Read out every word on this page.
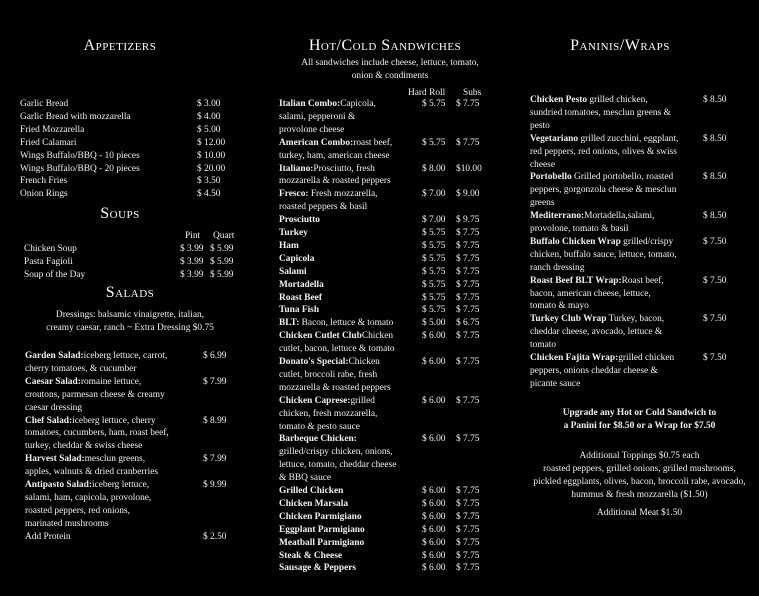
Appetizers
Garlic Bread	$ 3.00
Garlic Bread with mozzarella	$ 4.00
Fried Mozzarella	$ 5.00
Fried Calamari	$ 12.00
Wings Buffalo/BBQ - 10 pieces	$ 10.00
Wings Buffalo/BBQ - 20 pieces	$ 20.00
French Fries	$ 3.50
Onion Rings	$ 4.50
Soups
Pint Quart
Chicken Soup	$ 3.99 $ 5.99
Pasta Fagioli	$ 3.99 $ 5.99
Soup of the Day	$ 3.99 $ 5.99
Salads
Dressings: balsamic vinaigrette, italian,
creamy caesar, ranch ~ Extra Dressing $0.75
Garden Salad:iceberg lettuce, carrot,	$ 6.99
cherry tomatoes, & cucumber
Caesar Salad:romaine lettuce,	$ 7.99
croutons, parmesan cheese & creamy
caesar dressing
Chef Salad:iceberg lettuce, cherry	$ 8.99
tomatoes, cucumbers, ham, roast beef,
turkey, cheddar & swiss cheese
Harvest Salad:mesclun greens,	$ 7.99
apples, walnuts & dried cranberries
Antipasto Salad:iceberg lettuce,	$ 9.99
salami, ham, capicola, provolone,
roasted peppers, red onions,
marinated mushrooms
Add Protein	$ 2.50
Hot/Cold Sandwiches
All sandwiches include cheese, lettuce, tomato,
onion & condiments
Hard Roll Subs
Italian Combo:Capicola,	$ 5.75 $ 7.75
salami, pepperoni &
provolone cheese
American Combo:roast beef,	$ 5.75 $ 7.75
turkey, ham, american cheese
Italiano:Prosciutto, fresh	$ 8.00 $10.00
mozzarella & roasted peppers
Fresco: Fresh mozzarella,	$ 7.00 $ 9.00
roasted peppers & basil
Prosciutto	$ 7.00 $ 9.75
Turkey	$ 5.75 $ 7.75
Ham	$ 5.75 $ 7.75
Capicola	$ 5.75 $ 7.75
Salami	$ 5.75 $ 7.75
Mortadella	$ 5.75 $ 7.75
Roast Beef	$ 5.75 $ 7.75
Tuna Fish	$ 5.75 $ 7.75
BLT: Bacon, lettuce & tomato	$ 5.00 $ 6.75
Chicken Cutlet ClubChicken	$ 6.00 $ 7.75
cutlet, bacon, lettuce & tomato
Donato's Special:Chicken	$ 6.00 $ 7.75
cutlet, broccoli rabe, fresh
mozzarella & roasted peppers
Chicken Caprese:grilled	$ 6.00 $ 7.75
chicken, fresh mozzarella,
tomato & pesto sauce
Barbeque Chicken:	$ 6.00 $ 7.75
grilled/crispy chicken, onions,
lettuce, tomato, cheddar cheese
& BBQ sauce
Grilled Chicken	$ 6.00 $ 7.75
Chicken Marsala	$ 6.00 $ 7.75
Chicken Parmigiano	$ 6.00 $ 7.75
Eggplant Parmigiano	$ 6.00 $ 7.75
Meatball Parmigiano	$ 6.00 $ 7.75
Steak & Cheese	$ 6.00 $ 7.75
Sausage & Peppers	$ 6.00 $ 7.75
Paninis/Wraps
Chicken Pesto grilled chicken,	$ 8.50
sundried tomatoes, mesclun greens &
pesto
Vegetariano grilled zucchini, eggplant,	$ 8.50
red peppers, red onions, olives & swiss
cheese
Portobello Grilled portobello, roasted	$ 8.50
peppers, gorgonzola cheese & mesclun
greens
Mediterrano:Mortadella,salami,	$ 8.50
provolone, tomato & basil
Buffalo Chicken Wrap grilled/crispy	$ 7.50
chicken, buffalo sauce, lettuce, tomato,
ranch dressing
Roast Beef BLT Wrap:Roast beef,	$ 7.50
bacon, american cheese, lettuce,
tomato & mayo
Turkey Club Wrap Turkey, bacon,	$ 7.50
cheddar cheese, avocado, lettuce &
tomato
Chicken Fajita Wrap:grilled chicken	$ 7.50
peppers, onions cheddar cheese &
picante sauce
Upgrade any Hot or Cold Sandwich to
a Panini for $8.50 or a Wrap for $7.50
Additional Toppings $0.75 each
roasted peppers, grilled onions, grilled mushrooms,
pickled eggplants, olives, bacon, broccoli rabe, avocado,
hummus & fresh mozzarella ($1.50)
Additional Meat $1.50
